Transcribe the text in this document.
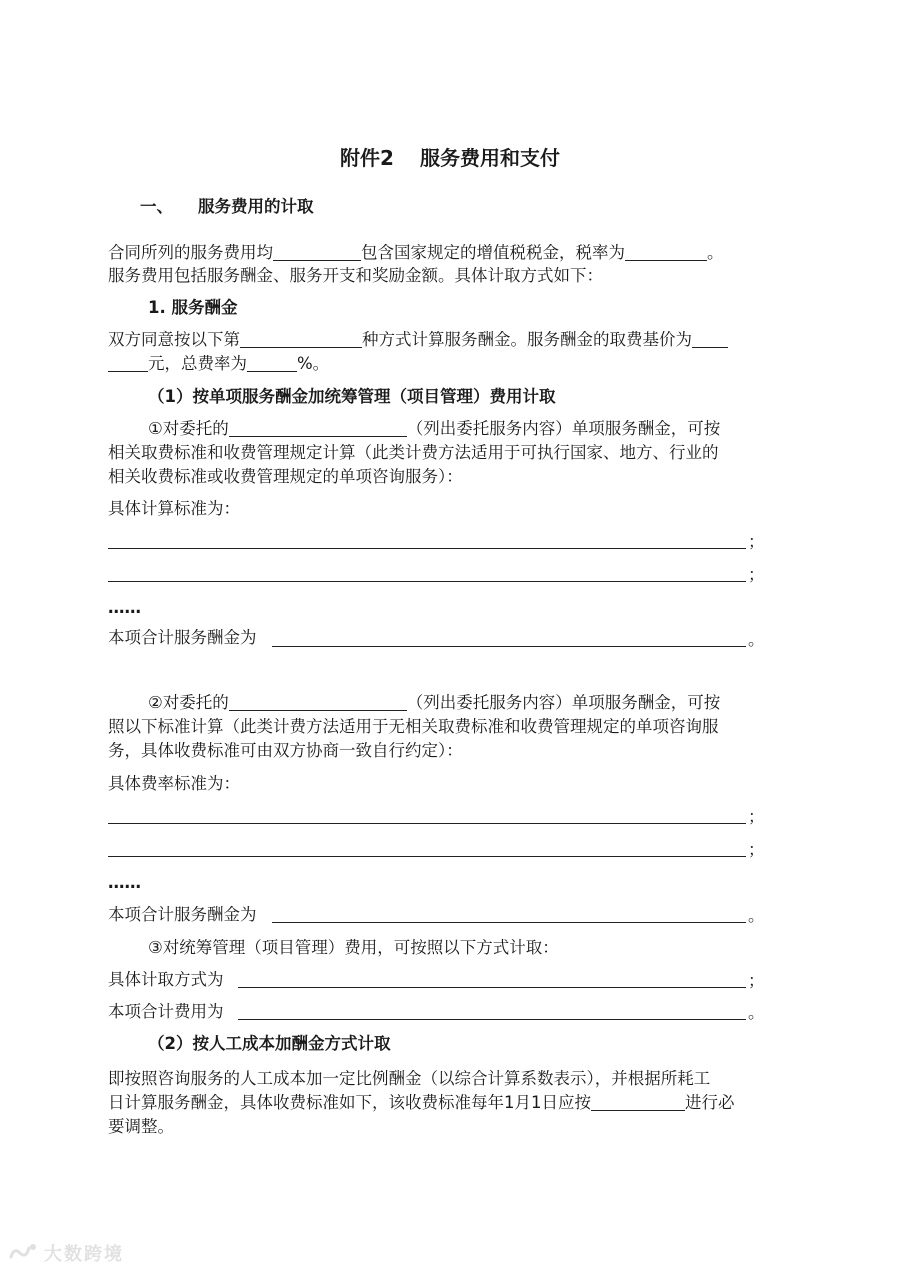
附件2 服务费用和支付
一、 服务费用的计取
合同所列的服务费用均	包含国家规定的增值税税金，税率为	。
服务费用包括服务酬金、服务开支和奖励金额。具体计取方式如下：
1. 服务酬金
双方同意按以下第	种方式计算服务酬金。服务酬金的取费基价为
元，总费率为	%。
（1）按单项服务酬金加统筹管理（项目管理）费用计取
①对委托的	（列出委托服务内容）单项服务酬金，可按
相关取费标准和收费管理规定计算（此类计费方法适用于可执行国家、地方、行业的
相关收费标准或收费管理规定的单项咨询服务）：
具体计算标准为：
；
；
……
本项合计服务酬金为	。
②对委托的	（列出委托服务内容）单项服务酬金，可按
照以下标准计算（此类计费方法适用于无相关取费标准和收费管理规定的单项咨询服
务，具体收费标准可由双方协商一致自行约定）：
具体费率标准为：
；
；
……
本项合计服务酬金为	。
③对统筹管理（项目管理）费用，可按照以下方式计取：
具体计取方式为	；
本项合计费用为	。
（2）按人工成本加酬金方式计取
即按照咨询服务的人工成本加一定比例酬金（以综合计算系数表示），并根据所耗工
日计算服务酬金，具体收费标准如下，该收费标准每年1月1日应按	进行必
要调整。
大数跨境
